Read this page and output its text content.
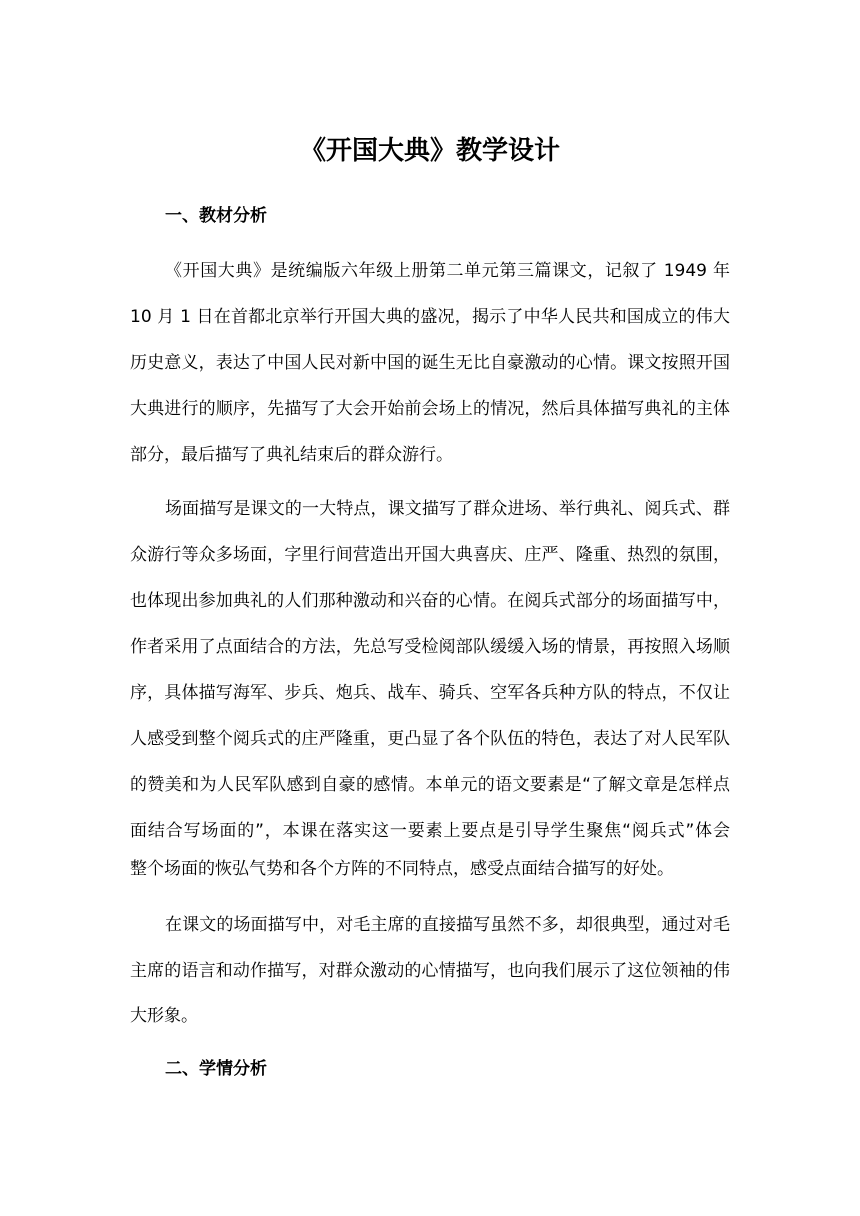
《开国大典》教学设计
一、教材分析
《开国大典》是统编版六年级上册第二单元第三篇课文，记叙了 1949 年
10 月 1 日在首都北京举行开国大典的盛况，揭示了中华人民共和国成立的伟大
历史意义，表达了中国人民对新中国的诞生无比自豪激动的心情。课文按照开国
大典进行的顺序，先描写了大会开始前会场上的情况，然后具体描写典礼的主体
部分，最后描写了典礼结束后的群众游行。
场面描写是课文的一大特点，课文描写了群众进场、举行典礼、阅兵式、群
众游行等众多场面，字里行间营造出开国大典喜庆、庄严、隆重、热烈的氛围，
也体现出参加典礼的人们那种激动和兴奋的心情。在阅兵式部分的场面描写中，
作者采用了点面结合的方法，先总写受检阅部队缓缓入场的情景，再按照入场顺
序，具体描写海军、步兵、炮兵、战车、骑兵、空军各兵种方队的特点，不仅让
人感受到整个阅兵式的庄严隆重，更凸显了各个队伍的特色，表达了对人民军队
的赞美和为人民军队感到自豪的感情。本单元的语文要素是“了解文章是怎样点
面结合写场面的”，本课在落实这一要素上要点是引导学生聚焦“阅兵式”体会
整个场面的恢弘气势和各个方阵的不同特点，感受点面结合描写的好处。
在课文的场面描写中，对毛主席的直接描写虽然不多，却很典型，通过对毛
主席的语言和动作描写，对群众激动的心情描写，也向我们展示了这位领袖的伟
大形象。
二、学情分析
